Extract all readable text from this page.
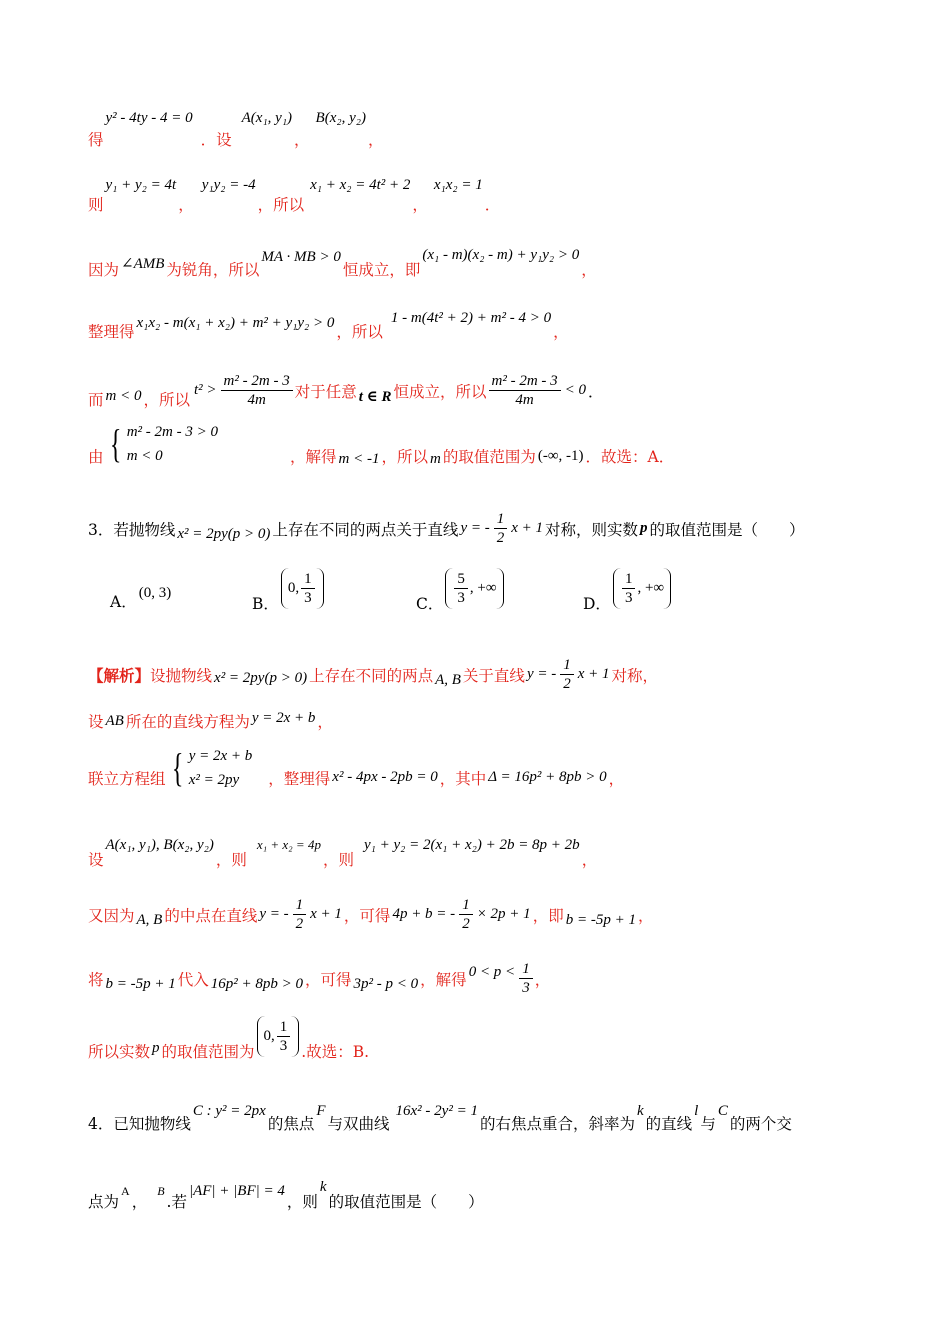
得
y² - 4ty - 4 = 0
．设
A(x₁, y₁)
，
B(x₂, y₂)
，
则
y₁ + y₂ = 4t
，
y₁y₂ = -4
，所以
x₁ + x₂ = 4t² + 2
，
x₁x₂ = 1
．
因为 ∠AMB 为锐角，所以
MA · MB > 0
恒成立，即
(x₁ - m)(x₂ - m) + y₁y₂ > 0
，
整理得
x₁x₂ - m(x₁ + x₂) + m² + y₁y₂ > 0
，所以
1 - m(4t² + 2) + m² - 4 > 0
，
而 m < 0 ，所以
$t^2 > \frac{\text{m² - 2m - 3}}{4m}$ 对于任意 t ∈ R 恒成立，所以 $\frac{\text{m² - 2m - 3}}{4m} < 0$ ．
由 { m² - 2m - 3 > 0
m < 0	，解得 m < -1 ，所以 m 的取值范围为 (-∞, -1) ．故选：A．
3．若抛物线 x² = 2py(p > 0) 上存在不同的两点关于直线 y = - $\frac{1}{2}$ x + 1 对称，则实数 p 的取值范围是（　　）
A．
(0, 3)
B．
0, $\frac{1}{3}$	C． $\frac{5}{3}$ , +∞
D． $\frac{1}{3}$ , +∞
【解析】 设抛物线 x² = 2py(p > 0) 上存在不同的两点 A, B 关于直线 y = - $\frac{1}{2}$ x + 1 对称，
设 AB 所在的直线方程为 y = 2x + b ，
联立方程组 { y = 2x + b
x² = 2py	，整理得 x² - 4px - 2pb = 0 ，其中 Δ = 16p² + 8pb > 0 ，
设
A(x₁, y₁), B(x₂, y₂)
，则
x₁ + x₂ = 4p
，则
y₁ + y₂ = 2(x₁ + x₂) + 2b = 8p + 2b
，
又因为 A, B 的中点在直线 y = - $\frac{1}{2}$ x + 1 ，可得 4p + b = - $\frac{1}{2} \times 2p + 1$ ，即 b = -5p + 1 ，
将 b = -5p + 1 代入 16p² + 8pb > 0 ，可得 3p² - p < 0 ，解得 $0 < p < \frac{1}{3}$ ，
所以实数 p 的取值范围为
0, $\frac{1}{3}$ .故选：B.
4．已知抛物线
C : y² = 2px
的焦点
F
与双曲线
16x² - 2y² = 1
的右焦点重合，斜率为
k
的直线
l
与
C
的两个交
点为
A
，
B
.若
|AF| + |BF| = 4
，则
k
的取值范围是（　　）
